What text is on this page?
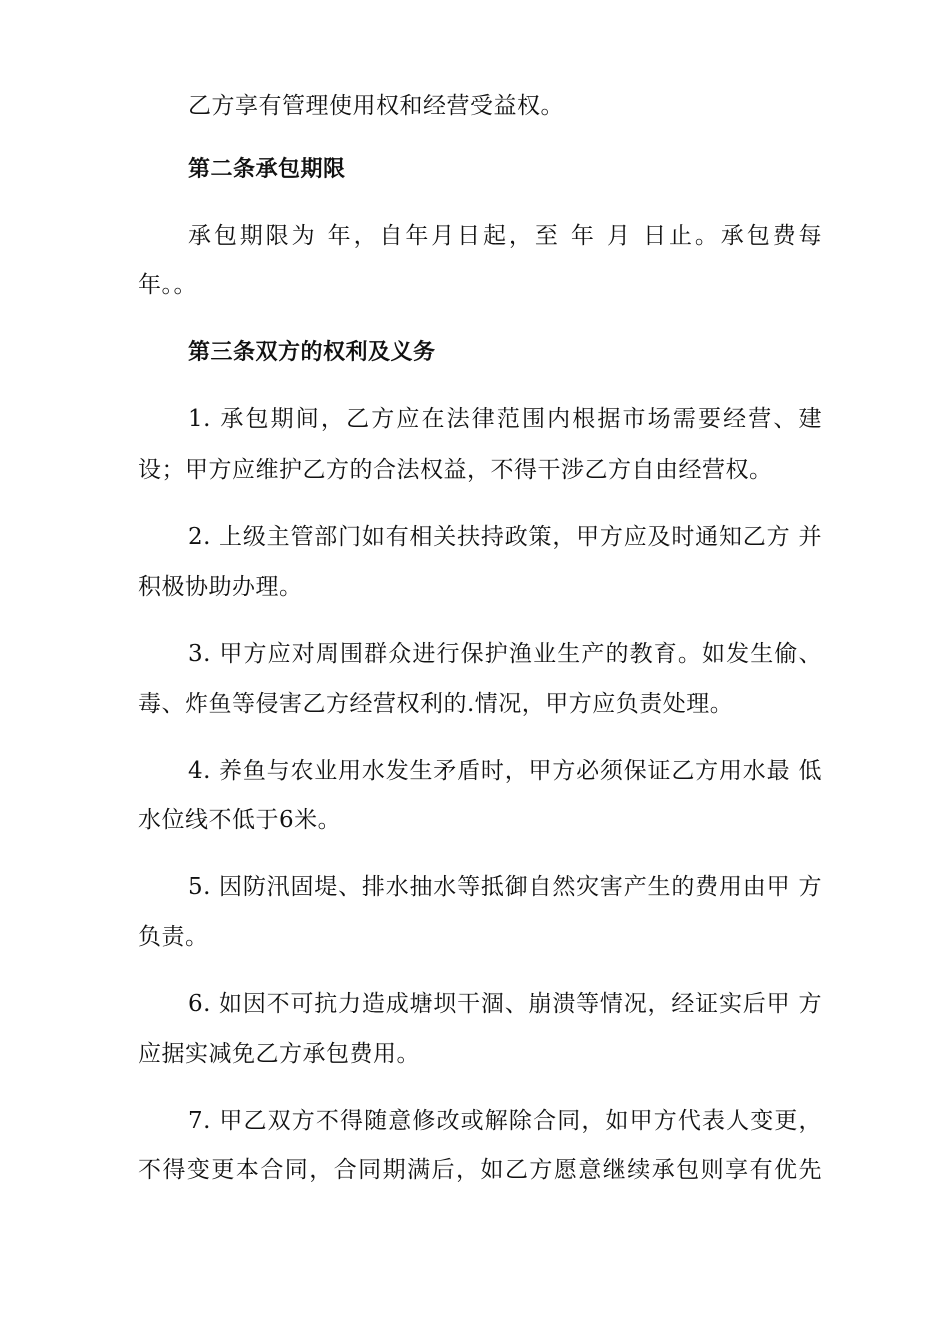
乙方享有管理使用权和经营受益权。
第二条承包期限
承包期限为 年，自年月日起，至 年 月 日止。承包费每
年。。
第三条双方的权利及义务
1. 承包期间，乙方应在法律范围内根据市场需要经营、建
设；甲方应维护乙方的合法权益，不得干涉乙方自由经营权。
2. 上级主管部门如有相关扶持政策，甲方应及时通知乙方 并
积极协助办理。
3. 甲方应对周围群众进行保护渔业生产的教育。如发生偷、
毒、炸鱼等侵害乙方经营权利的.情况，甲方应负责处理。
4. 养鱼与农业用水发生矛盾时，甲方必须保证乙方用水最 低
水位线不低于6米。
5. 因防汛固堤、排水抽水等抵御自然灾害产生的费用由甲 方
负责。
6. 如因不可抗力造成塘坝干涸、崩溃等情况，经证实后甲 方
应据实减免乙方承包费用。
7. 甲乙双方不得随意修改或解除合同，如甲方代表人变更，
不得变更本合同，合同期满后，如乙方愿意继续承包则享有优先
